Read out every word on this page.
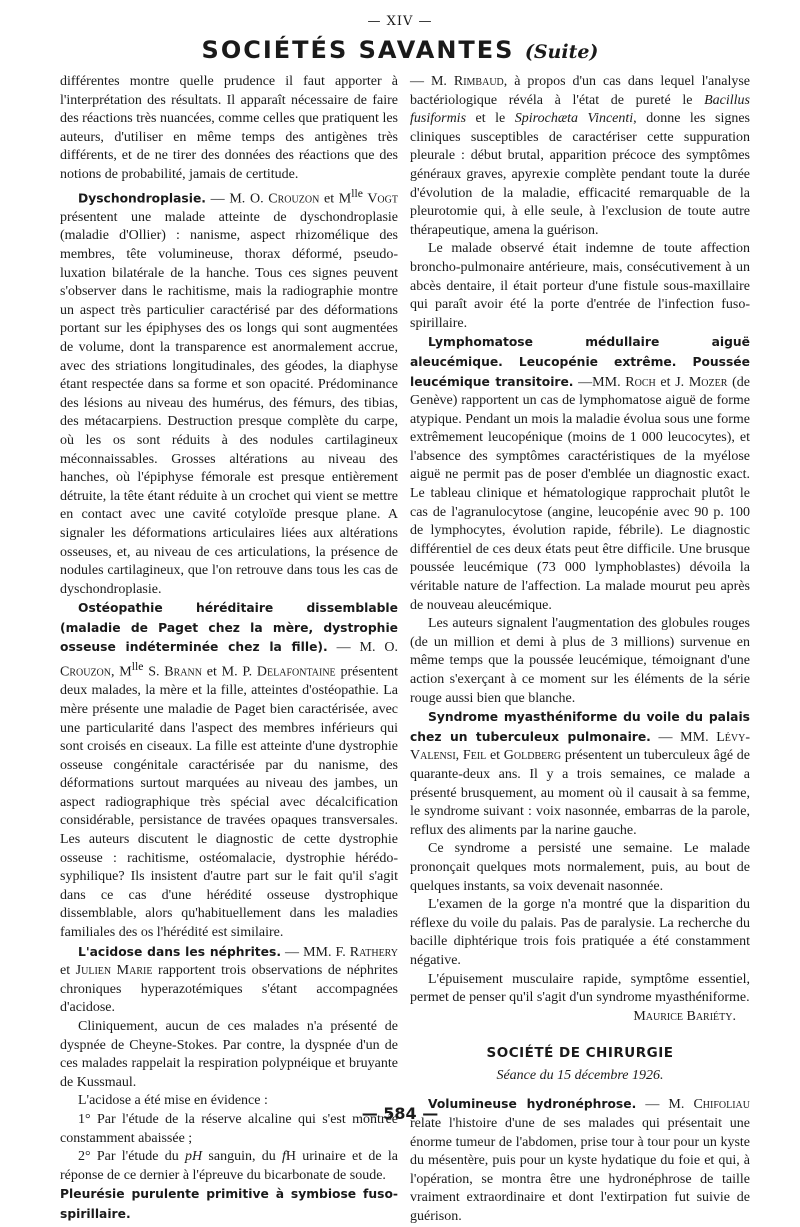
— XIV —
SOCIÉTÉS SAVANTES (Suite)

différentes montre quelle prudence il faut apporter à l'interprétation des résultats. Il apparaît nécessaire de faire des réactions très nuancées, comme celles que pratiquent les auteurs, d'utiliser en même temps des antigènes très différents, et de ne tirer des données des réactions que des notions de probabilité, jamais de certitude.

Dyschondroplasie. — M. O. Crouzon et $M^{lle}$ Vogt présentent une malade atteinte de dyschondroplasie (maladie d'Ollier) : nanisme, aspect rhizomélique des membres, tête volumineuse, thorax déformé, pseudo-luxation bilatérale de la hanche. Tous ces signes peuvent s'observer dans le rachitisme, mais la radiographie montre un aspect très particulier caractérisé par des déformations portant sur les épiphyses des os longs qui sont augmentées de volume, dont la transparence est anormalement accrue, avec des striations longitudinales, des géodes, la diaphyse étant respectée dans sa forme et son opacité. Prédominance des lésions au niveau des humérus, des fémurs, des tibias, des métacarpiens. Destruction presque complète du carpe, où les os sont réduits à des nodules cartilagineux méconnaissables. Grosses altérations au niveau des hanches, où l'épiphyse fémorale est presque entièrement détruite, la tête étant réduite à un crochet qui vient se mettre en contact avec une cavité cotyloïde presque plane. A signaler les déformations articulaires liées aux altérations osseuses, et, au niveau de ces articulations, la présence de nodules cartilagineux, que l'on retrouve dans tous les cas de dyschondroplasie.

Ostéopathie héréditaire dissemblable (maladie de Paget chez la mère, dystrophie osseuse indéterminée chez la fille). — M. O. Crouzon, $M^{lle}$ S. Brann et M. P. Delafontaine présentent deux malades, la mère et la fille, atteintes d'ostéopathie. La mère présente une maladie de Paget bien caractérisée, avec une particularité dans l'aspect des membres inférieurs qui sont croisés en ciseaux. La fille est atteinte d'une dystrophie osseuse congénitale caractérisée par du nanisme, des déformations surtout marquées au niveau des jambes, un aspect radiographique très spécial avec décalcification considérable, persistance de travées opaques transversales. Les auteurs discutent le diagnostic de cette dystrophie osseuse : rachitisme, ostéomalacie, dystrophie hérédo-syphilique? Ils insistent d'autre part sur le fait qu'il s'agit dans ce cas d'une hérédité osseuse dystrophique dissemblable, alors qu'habituellement dans les maladies familiales des os l'hérédité est similaire.

L'acidose dans les néphrites. — MM. F. Rathery et Julien Marie rapportent trois observations de néphrites chroniques hyperazotémiques s'étant accompagnées d'acidose.

Cliniquement, aucun de ces malades n'a présenté de dyspnée de Cheyne-Stokes. Par contre, la dyspnée d'un de ces malades rappelait la respiration polypnéique et bruyante de Kussmaul.

L'acidose a été mise en évidence :

1° Par l'étude de la réserve alcaline qui s'est montrée constamment abaissée ;

2° Par l'étude du pH sanguin, du fH urinaire et de la réponse de ce dernier à l'épreuve du bicarbonate de soude.

Pleurésie purulente primitive à symbiose fuso-spirillaire.

— M. Rimbaud, à propos d'un cas dans lequel l'analyse bactériologique révéla à l'état de pureté le Bacillus fusiformis et le Spirochæta Vincenti, donne les signes cliniques susceptibles de caractériser cette suppuration pleurale : début brutal, apparition précoce des symptômes généraux graves, apyrexie complète pendant toute la durée d'évolution de la maladie, efficacité remarquable de la pleurotomie qui, à elle seule, à l'exclusion de toute autre thérapeutique, amena la guérison.

Le malade observé était indemne de toute affection broncho-pulmonaire antérieure, mais, consécutivement à un abcès dentaire, il était porteur d'une fistule sous-maxillaire qui paraît avoir été la porte d'entrée de l'infection fuso-spirillaire.

Lymphomatose médullaire aiguë aleucémique. Leucopénie extrême. Poussée leucémique transitoire. —MM. Roch et J. Mozer (de Genève) rapportent un cas de lymphomatose aiguë de forme atypique. Pendant un mois la maladie évolua sous une forme extrêmement leucopénique (moins de 1 000 leucocytes), et l'absence des symptômes caractéristiques de la myélose aiguë ne permit pas de poser d'emblée un diagnostic exact. Le tableau clinique et hématologique rapprochait plutôt le cas de l'agranulocytose (angine, leucopénie avec 90 p. 100 de lymphocytes, évolution rapide, fébrile). Le diagnostic différentiel de ces deux états peut être difficile. Une brusque poussée leucémique (73 000 lymphoblastes) dévoila la véritable nature de l'affection. La malade mourut peu après de nouveau aleucémique.

Les auteurs signalent l'augmentation des globules rouges (de un million et demi à plus de 3 millions) survenue en même temps que la poussée leucémique, témoignant d'une action s'exerçant à ce moment sur les éléments de la série rouge aussi bien que blanche.

Syndrome myasthéniforme du voile du palais chez un tuberculeux pulmonaire. — MM. Lévy-Valensi, Feil et Goldberg présentent un tuberculeux âgé de quarante-deux ans. Il y a trois semaines, ce malade a présenté brusquement, au moment où il causait à sa femme, le syndrome suivant : voix nasonnée, embarras de la parole, reflux des aliments par la narine gauche.

Ce syndrome a persisté une semaine. Le malade prononçait quelques mots normalement, puis, au bout de quelques instants, sa voix devenait nasonnée.

L'examen de la gorge n'a montré que la disparition du réflexe du voile du palais. Pas de paralysie. La recherche du bacille diphtérique trois fois pratiquée a été constamment négative.

L'épuisement musculaire rapide, symptôme essentiel, permet de penser qu'il s'agit d'un syndrome myasthéniforme.

Maurice Bariéty.

SOCIÉTÉ DE CHIRURGIE
Séance du 15 décembre 1926.

Volumineuse hydronéphrose. — M. Chifoliau relate l'histoire d'une de ses malades qui présentait une énorme tumeur de l'abdomen, prise tour à tour pour un kyste du mésentère, puis pour un kyste hydatique du foie et qui, à l'opération, se montra être une hydronéphrose de taille vraiment extraordinaire et dont l'extirpation fut suivie de guérison.

— 584 —
